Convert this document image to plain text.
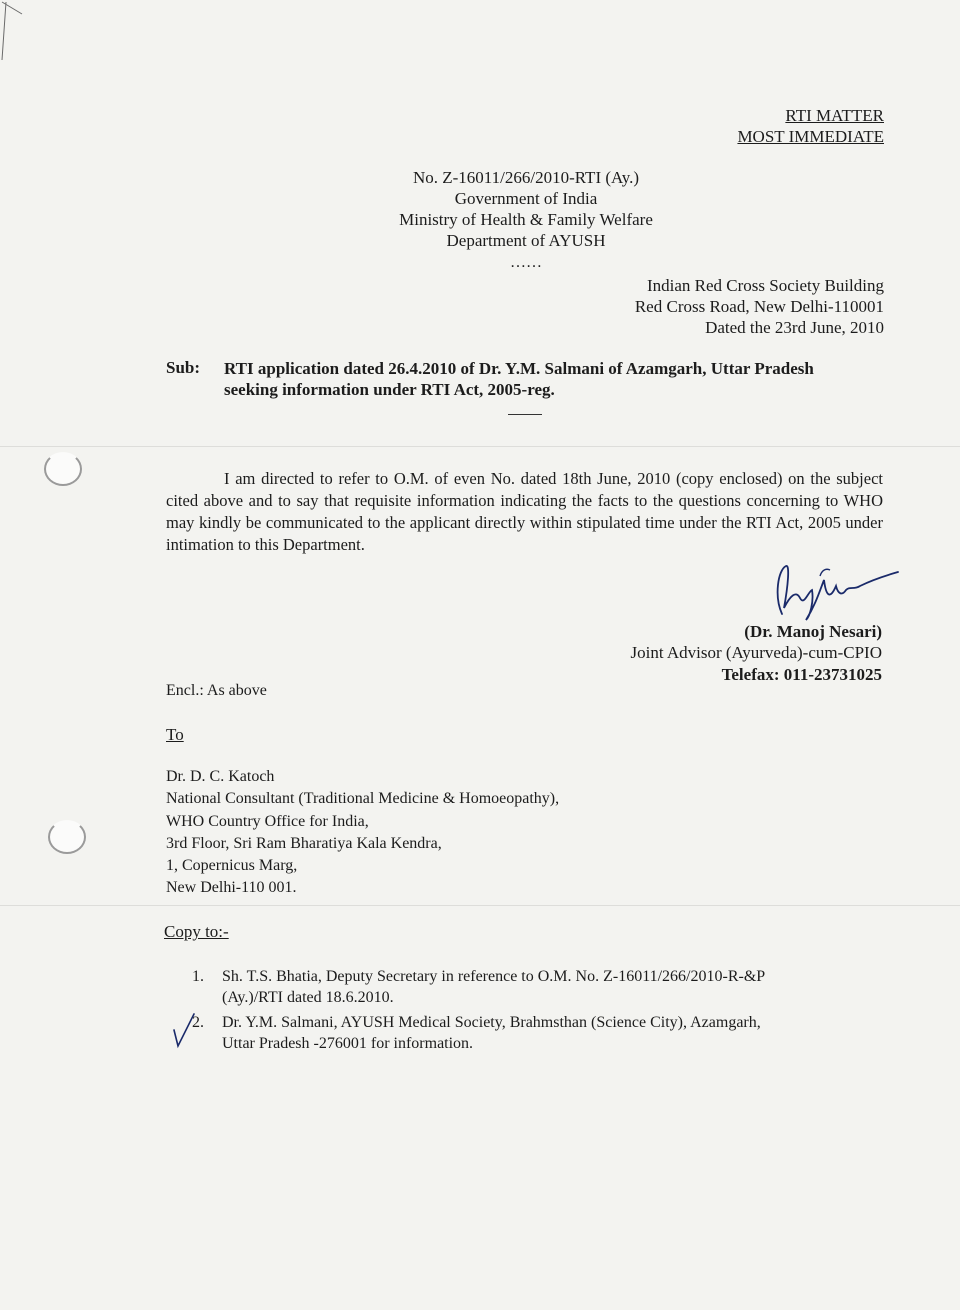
RTI MATTER
MOST IMMEDIATE
No. Z-16011/266/2010-RTI (Ay.)
Government of India
Ministry of Health & Family Welfare
Department of AYUSH
……
Indian Red Cross Society Building
Red Cross Road, New Delhi-110001
Dated the 23rd June, 2010
Sub: RTI application dated 26.4.2010 of Dr. Y.M. Salmani of Azamgarh, Uttar Pradesh
seeking information under RTI Act, 2005-reg.
I am directed to refer to O.M. of even No. dated 18th June, 2010 (copy enclosed) on the subject cited above and to say that requisite information indicating the facts to the questions concerning to WHO may kindly be communicated to the applicant directly within stipulated time under the RTI Act, 2005 under intimation to this Department.
(Dr. Manoj Nesari)
Joint Advisor (Ayurveda)-cum-CPIO
Telefax: 011-23731025
Encl.: As above
To
Dr. D. C. Katoch
National Consultant (Traditional Medicine & Homoeopathy),
WHO Country Office for India,
3rd Floor, Sri Ram Bharatiya Kala Kendra,
1, Copernicus Marg,
New Delhi-110 001.
Copy to:-
1. Sh. T.S. Bhatia, Deputy Secretary in reference to O.M. No. Z-16011/266/2010-R-&P
(Ay.)/RTI dated 18.6.2010.
2. Dr. Y.M. Salmani, AYUSH Medical Society, Brahmsthan (Science City), Azamgarh,
Uttar Pradesh -276001 for information.
